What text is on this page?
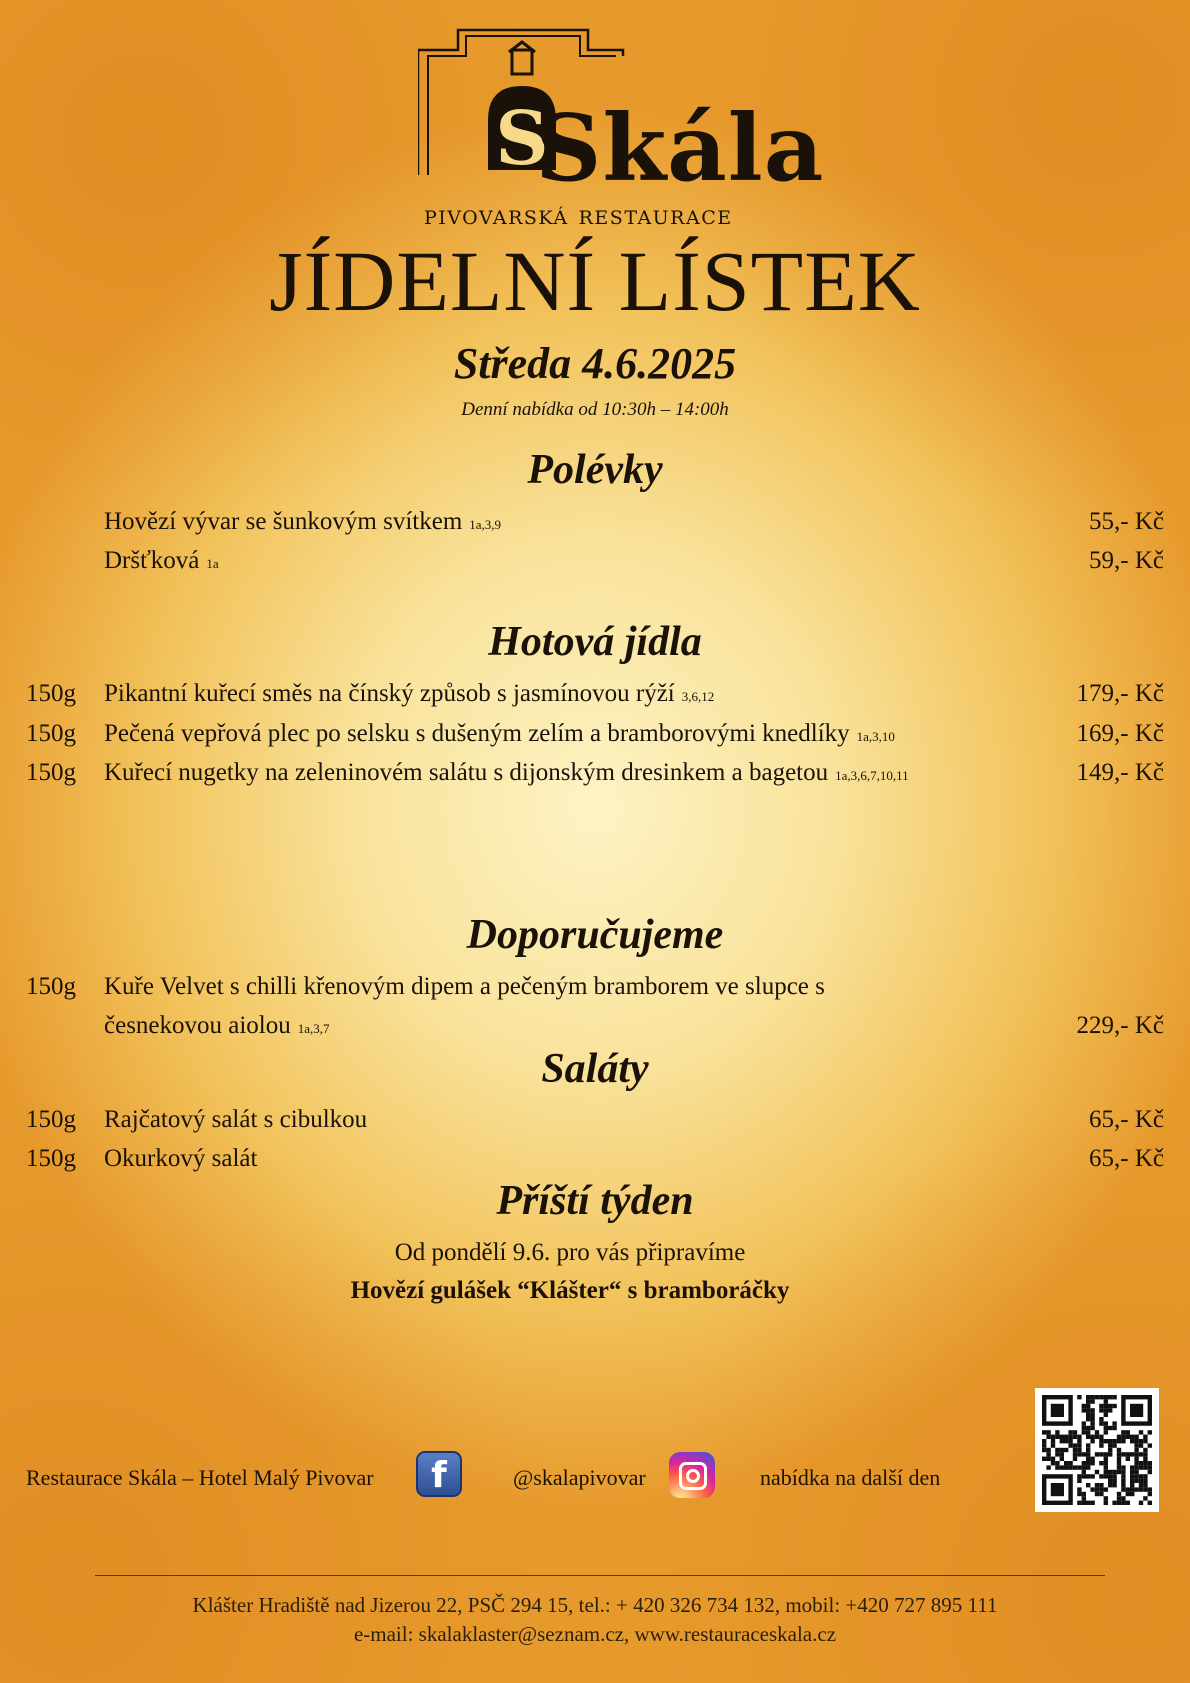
S
Skála
pivovarská restaurace
JÍDELNÍ LÍSTEK
Středa 4.6.2025
Denní nabídka od 10:30h – 14:00h
Polévky
Hovězí vývar se šunkovým svítkem 1a,3,9	55,- Kč
Dršťková 1a	59,- Kč
Hotová jídla
150g Pikantní kuřecí směs na čínský způsob s jasmínovou rýží 3,6,12	179,- Kč
150g Pečená vepřová plec po selsku s dušeným zelím a bramborovými knedlíky 1a,3,10	169,- Kč
150g Kuřecí nugetky na zeleninovém salátu s dijonským dresinkem a bagetou 1a,3,6,7,10,11	149,- Kč
Doporučujeme
150g Kuře Velvet s chilli křenovým dipem a pečeným bramborem ve slupce s
česnekovou aiolou 1a,3,7	229,- Kč
Saláty
150g Rajčatový salát s cibulkou	65,- Kč
150g Okurkový salát	65,- Kč
Příští týden
Od pondělí 9.6. pro vás připravíme
Hovězí gulášek “Klášter“ s bramboráčky
Restaurace Skála – Hotel Malý Pivovar	f	@skalapivovar	nabídka na další den
Klášter Hradiště nad Jizerou 22, PSČ 294 15, tel.: + 420 326 734 132, mobil: +420 727 895 111
e-mail: skalaklaster@seznam.cz, www.restauraceskala.cz
